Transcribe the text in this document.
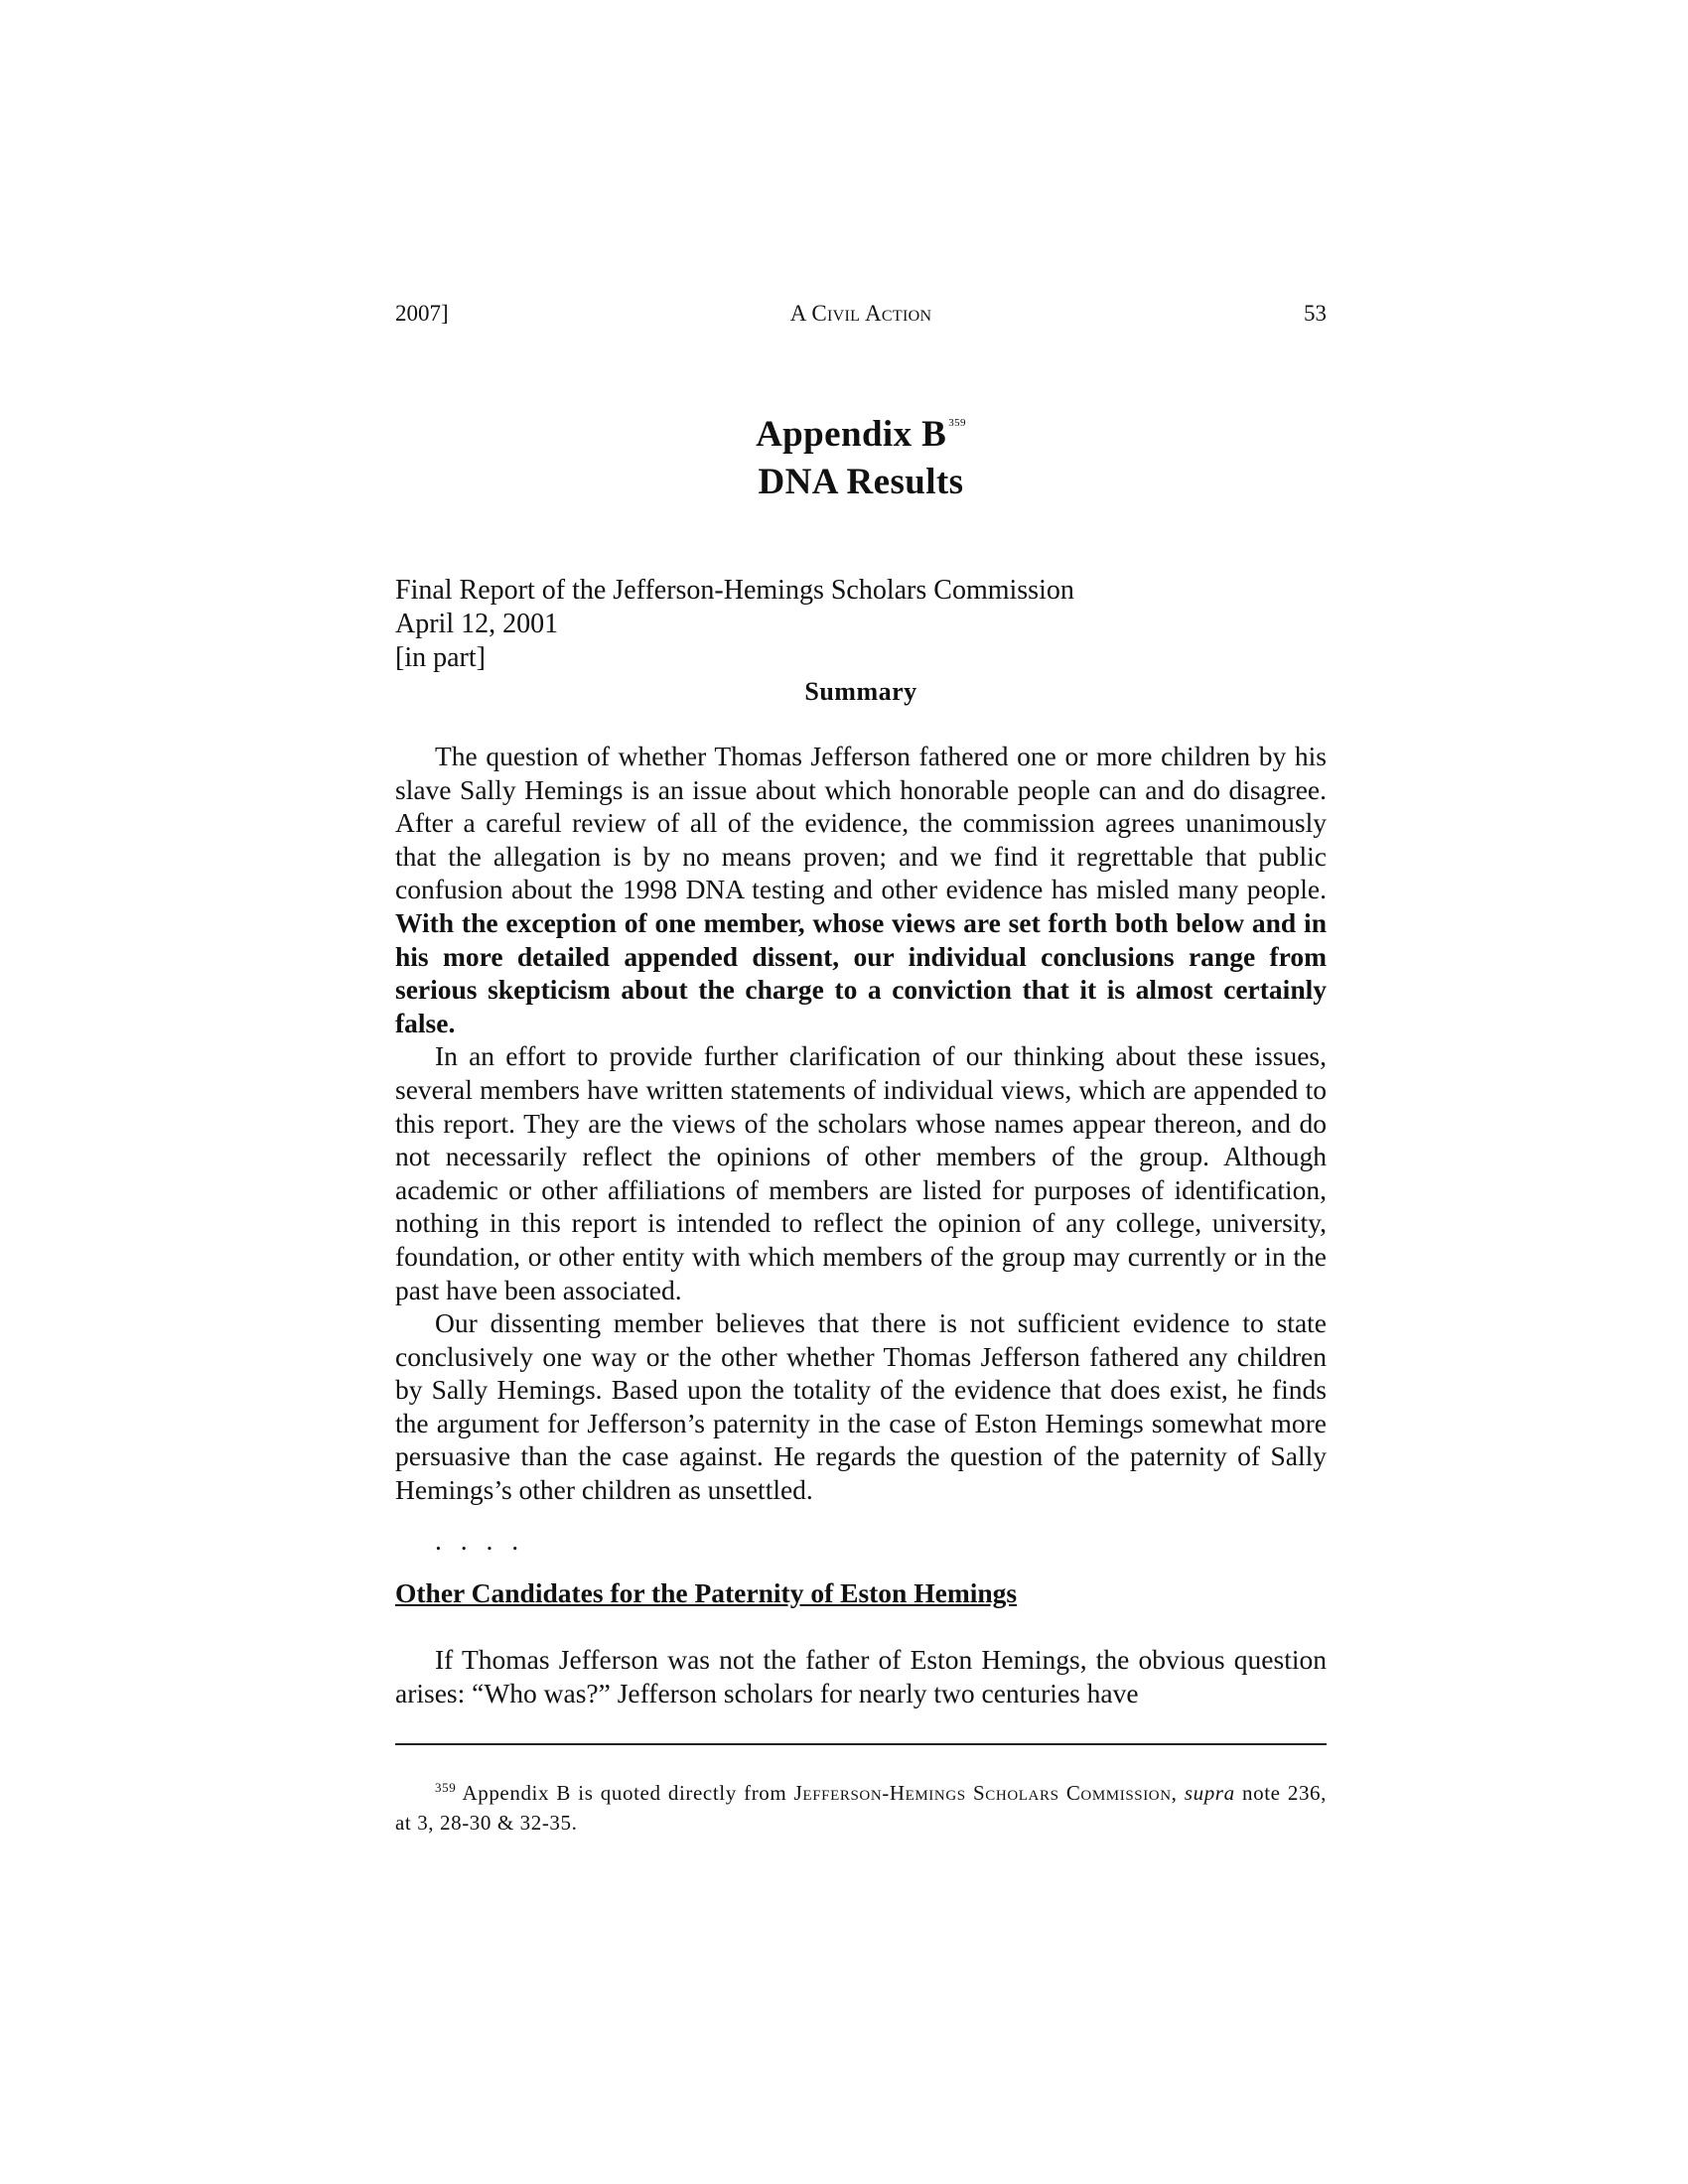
2007]	A Civil Action	53
Appendix B $^{359}$
DNA Results
Final Report of the Jefferson-Hemings Scholars Commission
April 12, 2001
[in part]
Summary

The question of whether Thomas Jefferson fathered one or more children by his slave Sally Hemings is an issue about which honorable people can and do disagree. After a careful review of all of the evidence, the commission agrees unanimously that the allegation is by no means proven; and we find it regrettable that public confusion about the 1998 DNA testing and other evidence has misled many people. With the exception of one member, whose views are set forth both below and in his more detailed appended dissent, our individual conclusions range from serious skepticism about the charge to a conviction that it is almost certainly false.

In an effort to provide further clarification of our thinking about these issues, several members have written statements of individual views, which are appended to this report. They are the views of the scholars whose names appear thereon, and do not necessarily reflect the opinions of other members of the group. Although academic or other affiliations of members are listed for purposes of identification, nothing in this report is intended to reflect the opinion of any college, university, foundation, or other entity with which members of the group may currently or in the past have been associated.

Our dissenting member believes that there is not sufficient evidence to state conclusively one way or the other whether Thomas Jefferson fathered any children by Sally Hemings. Based upon the totality of the evidence that does exist, he finds the argument for Jefferson’s paternity in the case of Eston Hemings somewhat more persuasive than the case against. He regards the question of the paternity of Sally Hemings’s other children as unsettled.

. . . .
Other Candidates for the Paternity of Eston Hemings

If Thomas Jefferson was not the father of Eston Hemings, the obvious question arises: “Who was?” Jefferson scholars for nearly two centuries have

$^{359}$ Appendix B is quoted directly from Jefferson-Hemings Scholars Commission, supra note 236, at 3, 28-30 & 32-35.
